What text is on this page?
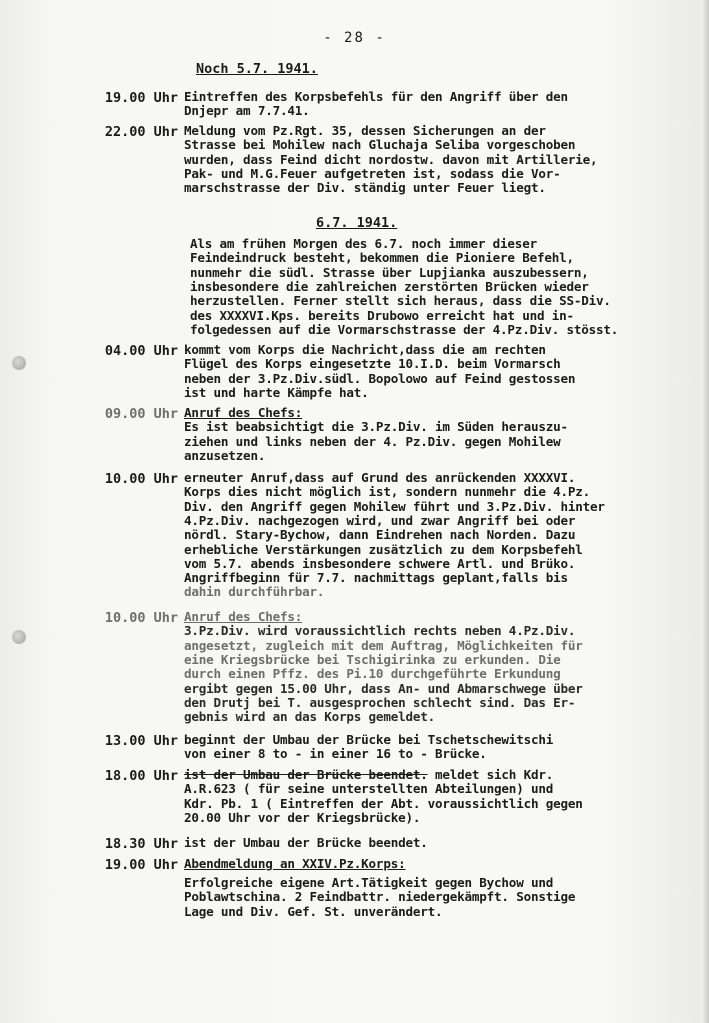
- 28 -
Noch 5.7. 1941.
6.7. 1941.
19.00 Uhr Eintreffen des Korpsbefehls für den Angriff über den
Dnjepr am 7.7.41.
22.00 Uhr Meldung vom Pz.Rgt. 35, dessen Sicherungen an der
Strasse bei Mohilew nach Gluchaja Seliba vorgeschoben
wurden, dass Feind dicht nordostw. davon mit Artillerie,
Pak- und M.G.Feuer aufgetreten ist, sodass die Vor-
marschstrasse der Div. ständig unter Feuer liegt.
Als am frühen Morgen des 6.7. noch immer dieser
Feindeindruck besteht, bekommen die Pioniere Befehl,
nunmehr die südl. Strasse über Lupjianka auszubessern,
insbesondere die zahlreichen zerstörten Brücken wieder
herzustellen. Ferner stellt sich heraus, dass die SS-Div.
des XXXXVI.Kps. bereits Drubowo erreicht hat und in-
folgedessen auf die Vormarschstrasse der 4.Pz.Div. stösst.
04.00 Uhr kommt vom Korps die Nachricht,dass die am rechten
Flügel des Korps eingesetzte 10.I.D. beim Vormarsch
neben der 3.Pz.Div.südl. Bopolowo auf Feind gestossen
ist und harte Kämpfe hat.
09.00 Uhr Anruf des Chefs:
Es ist beabsichtigt die 3.Pz.Div. im Süden herauszu-
ziehen und links neben der 4. Pz.Div. gegen Mohilew
anzusetzen.
10.00 Uhr erneuter Anruf,dass auf Grund des anrückenden XXXXVI.
Korps dies nicht möglich ist, sondern nunmehr die 4.Pz.
Div. den Angriff gegen Mohilew führt und 3.Pz.Div. hinter
4.Pz.Div. nachgezogen wird, und zwar Angriff bei oder
nördl. Stary-Bychow, dann Eindrehen nach Norden. Dazu
erhebliche Verstärkungen zusätzlich zu dem Korpsbefehl
vom 5.7. abends insbesondere schwere Artl. und Brüko.
Angriffbeginn für 7.7. nachmittags geplant,falls bis
dahin durchführbar.
10.00 Uhr Anruf des Chefs:
3.Pz.Div. wird voraussichtlich rechts neben 4.Pz.Div.
angesetzt, zugleich mit dem Auftrag, Möglichkeiten für
eine Kriegsbrücke bei Tschigirinka zu erkunden. Die
durch einen Pffz. des Pi.10 durchgeführte Erkundung
ergibt gegen 15.00 Uhr, dass An- und Abmarschwege über
den Drutj bei T. ausgesprochen schlecht sind. Das Er-
gebnis wird an das Korps gemeldet.
13.00 Uhr beginnt der Umbau der Brücke bei Tschetschewitschi
von einer 8 to - in einer 16 to - Brücke.
18.00 Uhr ist der Umbau der Brücke beendet. meldet sich Kdr.
A.R.623 ( für seine unterstellten Abteilungen) und
Kdr. Pb. 1 ( Eintreffen der Abt. voraussichtlich gegen
20.00 Uhr vor der Kriegsbrücke).
18.30 Uhr ist der Umbau der Brücke beendet.
19.00 Uhr Abendmeldung an XXIV.Pz.Korps:
Erfolgreiche eigene Art.Tätigkeit gegen Bychow und
Poblawtschina. 2 Feindbattr. niedergekämpft. Sonstige
Lage und Div. Gef. St. unverändert.
